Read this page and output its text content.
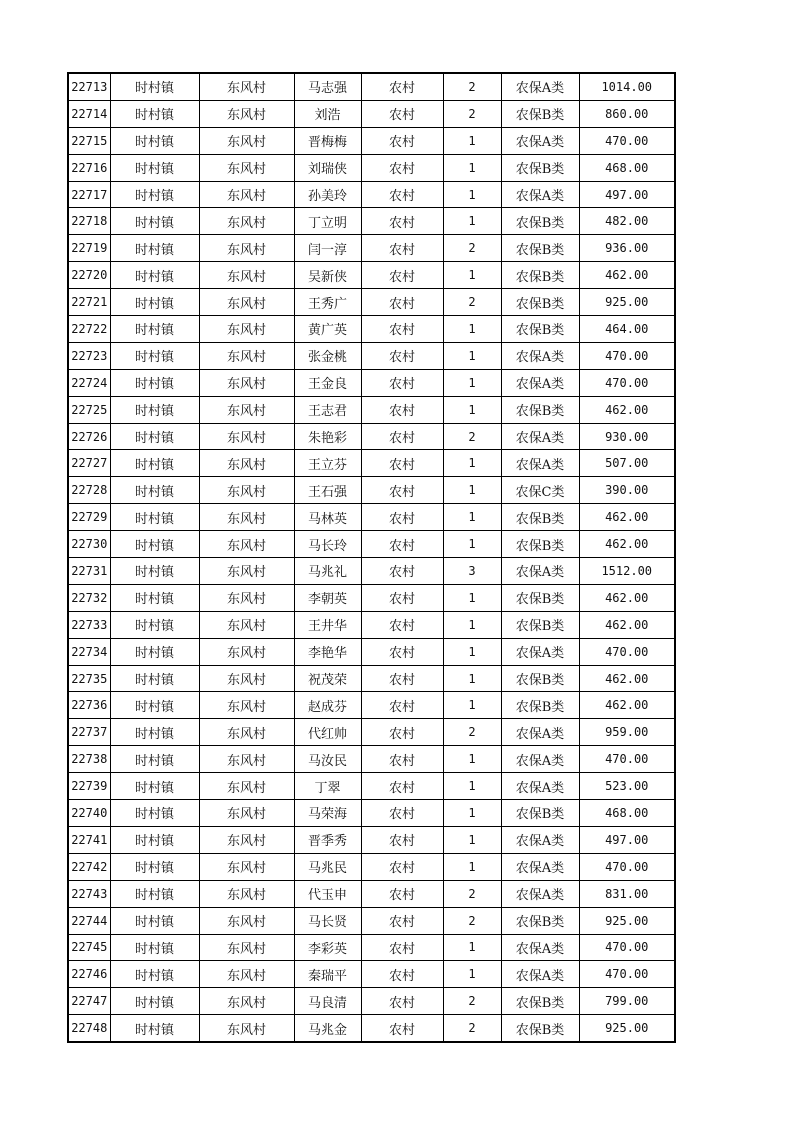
22713	时村镇	东风村	马志强	农村	2	农保A类	1014.00
22714	时村镇	东风村	刘浩	农村	2	农保B类	860.00
22715	时村镇	东风村	晋梅梅	农村	1	农保A类	470.00
22716	时村镇	东风村	刘瑞侠	农村	1	农保B类	468.00
22717	时村镇	东风村	孙美玲	农村	1	农保A类	497.00
22718	时村镇	东风村	丁立明	农村	1	农保B类	482.00
22719	时村镇	东风村	闫一淳	农村	2	农保B类	936.00
22720	时村镇	东风村	吴新侠	农村	1	农保B类	462.00
22721	时村镇	东风村	王秀广	农村	2	农保B类	925.00
22722	时村镇	东风村	黄广英	农村	1	农保B类	464.00
22723	时村镇	东风村	张金桃	农村	1	农保A类	470.00
22724	时村镇	东风村	王金良	农村	1	农保A类	470.00
22725	时村镇	东风村	王志君	农村	1	农保B类	462.00
22726	时村镇	东风村	朱艳彩	农村	2	农保A类	930.00
22727	时村镇	东风村	王立芬	农村	1	农保A类	507.00
22728	时村镇	东风村	王石强	农村	1	农保C类	390.00
22729	时村镇	东风村	马林英	农村	1	农保B类	462.00
22730	时村镇	东风村	马长玲	农村	1	农保B类	462.00
22731	时村镇	东风村	马兆礼	农村	3	农保A类	1512.00
22732	时村镇	东风村	李朝英	农村	1	农保B类	462.00
22733	时村镇	东风村	王井华	农村	1	农保B类	462.00
22734	时村镇	东风村	李艳华	农村	1	农保A类	470.00
22735	时村镇	东风村	祝茂荣	农村	1	农保B类	462.00
22736	时村镇	东风村	赵成芬	农村	1	农保B类	462.00
22737	时村镇	东风村	代红帅	农村	2	农保A类	959.00
22738	时村镇	东风村	马汝民	农村	1	农保A类	470.00
22739	时村镇	东风村	丁翠	农村	1	农保A类	523.00
22740	时村镇	东风村	马荣海	农村	1	农保B类	468.00
22741	时村镇	东风村	晋季秀	农村	1	农保A类	497.00
22742	时村镇	东风村	马兆民	农村	1	农保A类	470.00
22743	时村镇	东风村	代玉申	农村	2	农保A类	831.00
22744	时村镇	东风村	马长贤	农村	2	农保B类	925.00
22745	时村镇	东风村	李彩英	农村	1	农保A类	470.00
22746	时村镇	东风村	秦瑞平	农村	1	农保A类	470.00
22747	时村镇	东风村	马良清	农村	2	农保B类	799.00
22748	时村镇	东风村	马兆金	农村	2	农保B类	925.00
